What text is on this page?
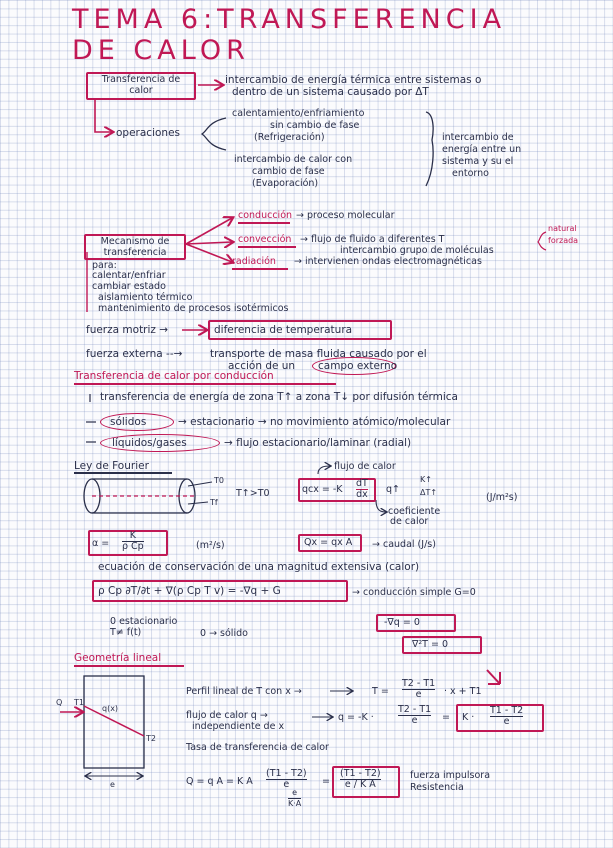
TEMA 6:TRANSFERENCIA
DE CALOR
Transferencia de calor
intercambio de energía térmica entre sistemas o
dentro de un sistema causado por ΔT
operaciones
calentamiento/enfriamiento
sin cambio de fase
(Refrigeración)
intercambio de calor con
cambio de fase
(Evaporación)
intercambio de
energía entre un
sistema y su el
entorno
Mecanismo de transferencia
conducción → proceso molecular
convección → flujo de fluido a diferentes T
intercambio grupo de moléculas
natural
forzada
radiación → intervienen ondas electromagnéticas
para:
calentar/enfriar
cambiar estado
aislamiento térmico
mantenimiento de procesos isotérmicos
fuerza motriz →	diferencia de temperatura
fuerza externa --→	transporte de masa fluida causado por el
acción de un campo externo
Transferencia de calor por conducción
transferencia de energía de zona T↑ a zona T↓ por difusión térmica
sólidos	→ estacionario → no movimiento atómico/molecular
líquidos/gases	→ flujo estacionario/laminar (radial)
Ley de Fourier
T0
Tf
T↑>T0
flujo de calor
qcx = $-K \frac{dT}{dx}$ q↑
K↑
ΔT↑	(J/m²s)
coeficiente
de calor
$\alpha = \frac{K}{\text{ρ Cp}}$	(m²/s)	Qx = qx A → caudal (J/s)
ecuación de conservación de una magnitud extensiva (calor)
ρ Cp ∂T/∂t + ∇(ρ Cp T v) = -∇q + G	→ conducción simple G=0
0 estacionario
T≠ f(t)	0 → sólido
-∇q = 0
∇²T = 0
Geometría lineal
Q T1
T2
q(x)
e
Perfil lineal de T con x →	$T = \frac{T2 - T1}{e} \cdot x + T1$
flujo de calor q →
independiente de x
q = -K ·	$\frac{T2 - T1}{e} = K \cdot \frac{T1 - T2}{e}$
Tasa de transferencia de calor
Q = q A = K A $\frac{(T1 - T2)}{e}$
$\frac{e}{K\cdot A}$
= $\frac{(T1 - T2)}{\text{e / K A}}$	fuerza impulsora
Resistencia
